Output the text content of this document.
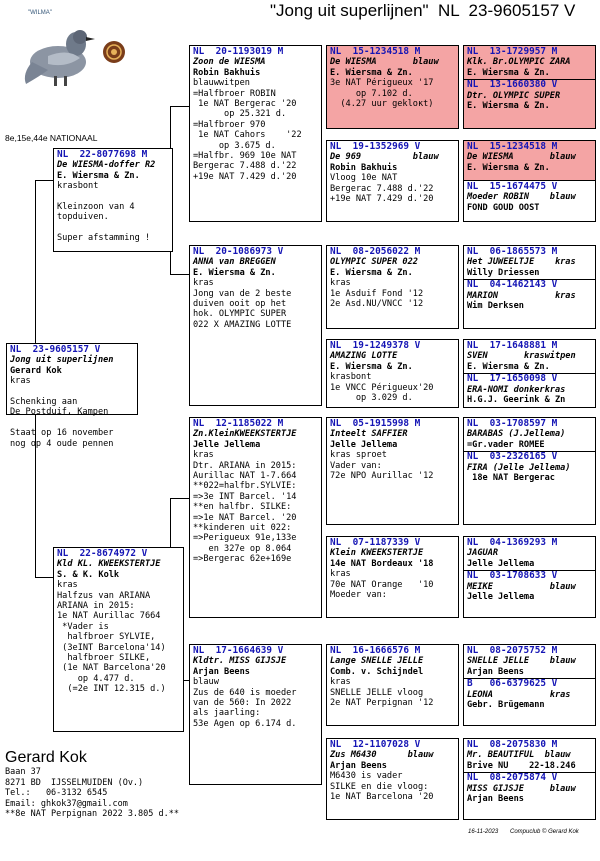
"Jong uit superlijnen"  NL  23-9605157 V
"WILMA"
8e,15e,44e NATIONAAL
NL  23-9605157 V
Jong uit superlijnen
Gerard Kok
kras

Schenking aan
De Postduif, Kampen

Staat op 16 november
nog op 4 oude pennen
NL  22-8077698 M
De WIESMA-doffer R2
E. Wiersma & Zn.
krasbont

Kleinzoon van 4
topduiven.

Super afstamming !
NL  22-8674972 V
Kld KL. KWEEKSTERTJE
S. & K. Kolk
kras
Halfzus van ARIANA
ARIANA in 2015:
1e NAT Aurillac 7664
*Vader is
halfbroer SYLVIE,
(3eINT Barcelona'14)
halfbroer SILKE,
(1e NAT Barcelona'20
op 4.477 d.
(=2e INT 12.315 d.)
NL  20-1193019 M
Zoon de WIESMA
Robin Bakhuis
blauwwitpen
=Halfbroer ROBIN
1e NAT Bergerac '20
op 25.321 d.
=Halfbroer 970
1e NAT Cahors    '22
op 3.675 d.
=Halfbr. 969 10e NAT
Bergerac 7.488 d.'22
+19e NAT 7.429 d.'20
NL  20-1086973 V
ANNA van BREGGEN
E. Wiersma & Zn.
kras
Jong van de 2 beste
duiven ooit op het
hok. OLYMPIC SUPER
022 X AMAZING LOTTE
NL  12-1185022 M
Zn.KleinKWEEKSTERTJE
Jelle Jellema
kras
Dtr. ARIANA in 2015:
Aurillac NAT 1-7.664
**022=halfbr.SYLVIE:
=>3e INT Barcel. '14
**en halfbr. SILKE:
=>1e NAT Barcel. '20
**kinderen uit 022:
=>Perigueux 91e,133e
en 327e op 8.064
=>Bergerac 62e+169e
NL  17-1664639 V
Kldtr. MISS GIJSJE
Arjan Beens
blauw
Zus de 640 is moeder
van de 560: In 2022
als jaarling:
53e Agen op 6.174 d.
NL  15-1234518 M
De WIESMA       blauw
E. Wiersma & Zn.
3e NAT Périgueux '17
op 7.102 d.
(4.27 uur gekloкt)
NL  19-1352969 V
De 969          blauw
Robin Bakhuis
Vloog 10e NAT
Bergerac 7.488 d.'22
+19e NAT 7.429 d.'20
NL  08-2056022 M
OLYMPIC SUPER 022
E. Wiersma & Zn.
kras
1e Asduif Fond '12
2e Asd.NU/VNCC '12
NL  19-1249378 V
AMAZING LOTTE
E. Wiersma & Zn.
krasbont
1e VNCC Périgueux'20
op 3.029 d.
NL  05-1915998 M
Inteelt SAFFIER
Jelle Jellema
kras sproet
Vader van:
72e NPO Aurillac '12
NL  07-1187339 V
Klein KWEEKSTERTJE
14e NAT Bordeaux '18
kras
70e NAT Orange   '10
Moeder van:
NL  16-1666576 M
Lange SNELLE JELLE
Comb. v. Schijndel
kras
SNELLE JELLE vloog
2e NAT Perpignan '12
NL  12-1107028 V
Zus M6430      blauw
Arjan Beens
M6430 is vader
SILKE en die vloog:
1e NAT Barcelona '20
NL  13-1729957 M
Klk. Br.OLYMPIC ZARA
E. Wiersma & Zn.
NL  13-1660380 V
Dtr. OLYMPIC SUPER
E. Wiersma & Zn.
NL  15-1234518 M
De WIESMA       blauw
E. Wiersma & Zn.
NL  15-1674475 V
Moeder ROBIN    blauw
FOND GOUD OOST
NL  06-1865573 M
Het JUWEELTJE    kras
Willy Driessen
NL  04-1462143 V
MARION           kras
Wim Derksen
NL  17-1648881 M
SVEN       kraswitpen
E. Wiersma & Zn.
NL  17-1650098 V
ERA-NOMI donkerkras
H.G.J. Geerink & Zn
NL  03-1708597 M
BARABAS (J.Jellema)
=Gr.vader ROMEE
NL  03-2326165 V
FIRA (Jelle Jellema)
18e NAT Bergerac
NL  04-1369293 M
JAGUAR
Jelle Jellema
NL  03-1708633 V
MEIKE           blauw
Jelle Jellema
NL  08-2075752 M
SNELLE JELLE    blauw
Arjan Beens
B   06-6379625 V
LEONA           kras
Gebr. Brügemann
NL  08-2075830 M
Mr. BEAUTIFUL  blauw
Brive NU    22-18.246
NL  08-2075874 V
MISS GIJSJE     blauw
Arjan Beens
Gerard Kok
Baan 37
8271 BD  IJSSELMUIDEN (Ov.)
Tel.:   06-3132 6545
Email: ghkok37@gmail.com
**8e NAT Perpignan 2022 3.805 d.**
16-11-2023 Compuclub © Gerard Kok
